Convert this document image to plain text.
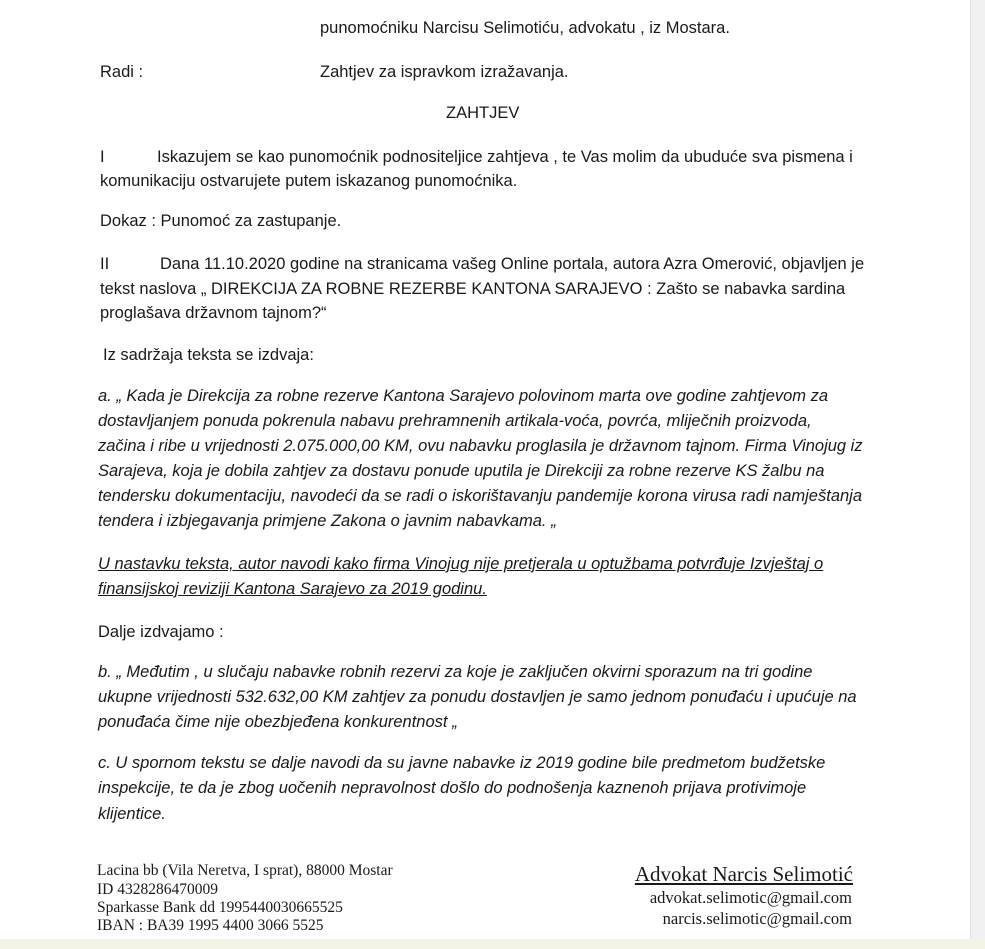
punomoćniku Narcisu Selimotiću, advokatu , iz Mostara.
Radi :	Zahtjev za ispravkom izražavanja.
ZAHTJEV
I	Iskazujem se kao punomoćnik podnositeljice zahtjeva , te Vas molim da ubuduće sva pismena i
komunikaciju ostvarujete putem iskazanog punomoćnika.
Dokaz : Punomoć za zastupanje.
II	Dana 11.10.2020 godine na stranicama vašeg Online portala, autora Azra Omerović, objavljen je
tekst naslova „ DIREKCIJA ZA ROBNE REZERBE KANTONA SARAJEVO : Zašto se nabavka sardina
proglašava državnom tajnom?“
Iz sadržaja teksta se izdvaja:
a. „ Kada je Direkcija za robne rezerve Kantona Sarajevo polovinom marta ove godine zahtjevom za
dostavljanjem ponuda pokrenula nabavu prehramnenih artikala-voća, povrća, mliječnih proizvoda,
začina i ribe u vrijednosti 2.075.000,00 KM, ovu nabavku proglasila je državnom tajnom. Firma Vinojug iz
Sarajeva, koja je dobila zahtjev za dostavu ponude uputila je Direkciji za robne rezerve KS žalbu na
tendersku dokumentaciju, navodeći da se radi o iskorištavanju pandemije korona virusa radi namještanja
tendera i izbjegavanja primjene Zakona o javnim nabavkama. „
U nastavku teksta, autor navodi kako firma Vinojug nije pretjerala u optužbama potvrđuje Izvještaj o
finansijskoj reviziji Kantona Sarajevo za 2019 godinu.
Dalje izdvajamo :
b. „ Međutim , u slučaju nabavke robnih rezervi za koje je zaključen okvirni sporazum na tri godine
ukupne vrijednosti 532.632,00 KM zahtjev za ponudu dostavljen je samo jednom ponuđaću i upućuje na
ponuđaća čime nije obezbjeđena konkurentnost „
c. U spornom tekstu se dalje navodi da su javne nabavke iz 2019 godine bile predmetom budžetske
inspekcije, te da je zbog uočenih nepravolnost došlo do podnošenja kaznenoh prijava protivimoje
klijentice.
Lacina bb (Vila Neretva, I sprat), 88000 Mostar
ID 4328286470009
Sparkasse Bank dd 1995440030665525
IBAN : BA39 1995 4400 3066 5525
Advokat Narcis Selimotić
advokat.selimotic@gmail.com
narcis.selimotic@gmail.com
